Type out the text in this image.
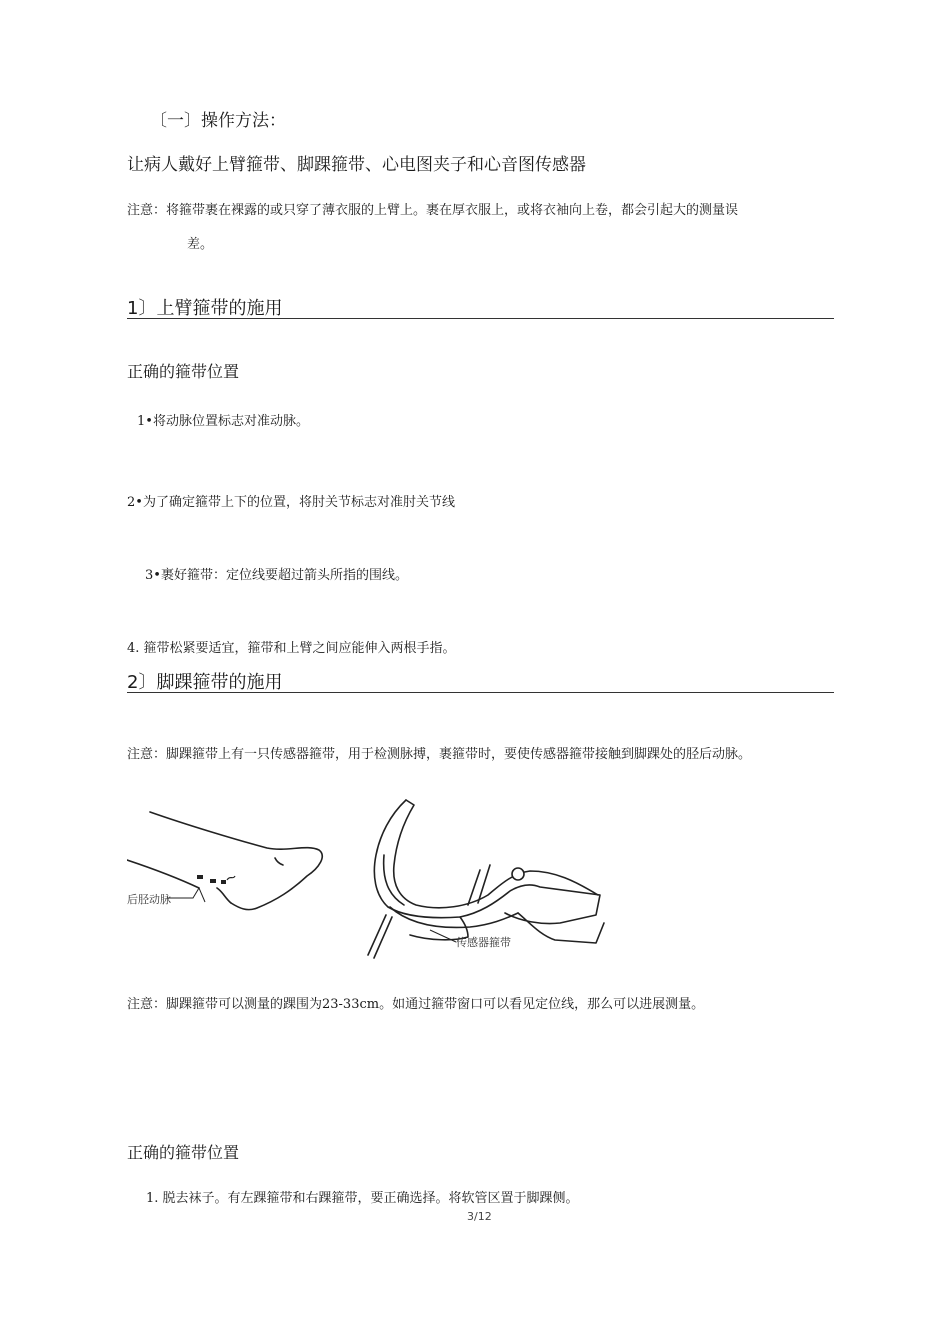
〔一〕操作方法：
让病人戴好上臂箍带、脚踝箍带、心电图夹子和心音图传感器
注意：将箍带裹在裸露的或只穿了薄衣服的上臂上。裹在厚衣服上，或将衣袖向上卷，都会引起大的测量误
差。
1〕上臂箍带的施用
正确的箍带位置
1•将动脉位置标志对准动脉。
2•为了确定箍带上下的位置，将肘关节标志对准肘关节线
3•裹好箍带：定位线要超过箭头所指的围线。
4. 箍带松紧要适宜，箍带和上臂之间应能伸入两根手指。
2〕脚踝箍带的施用
注意：脚踝箍带上有一只传感器箍带，用于检测脉搏，裹箍带时，要使传感器箍带接触到脚踝处的胫后动脉。
后胫动脉
传感器箍带
注意：脚踝箍带可以测量的踝围为23-33cm。如通过箍带窗口可以看见定位线，那么可以进展测量。
正确的箍带位置
1. 脱去袜子。有左踝箍带和右踝箍带，要正确选择。将软管区置于脚踝侧。
3/12
